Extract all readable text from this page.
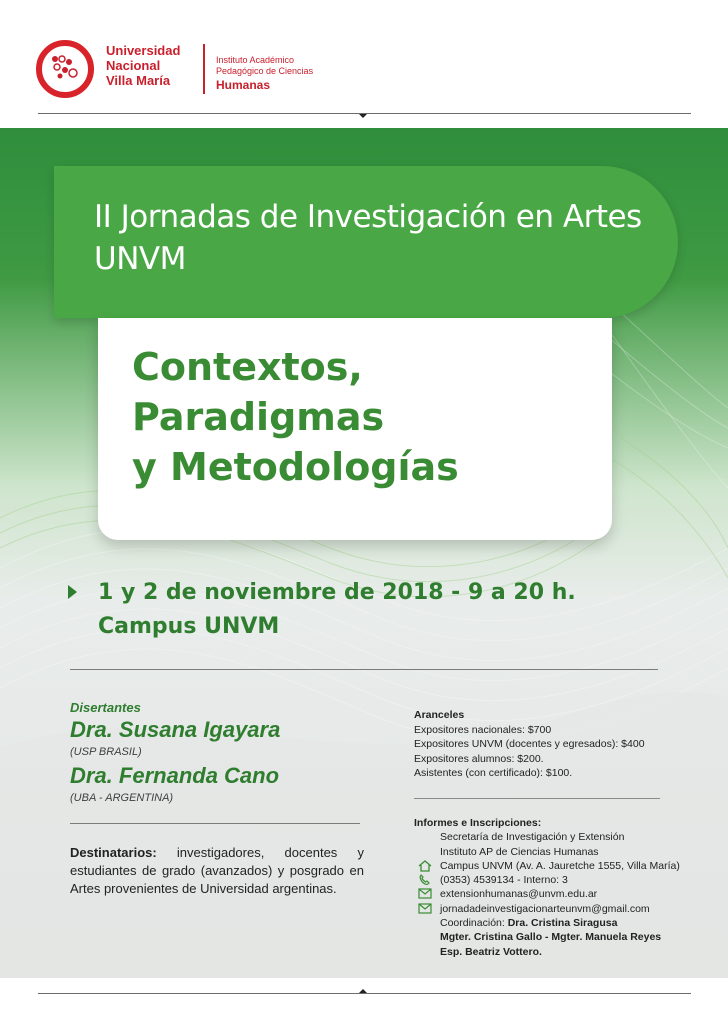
Universidad
Nacional
Villa María
Instituto Académico
Pedagógico de Ciencias
Humanas
II Jornadas de Investigación en Artes UNVM
Contextos,
Paradigmas
y Metodologías
1 y 2 de noviembre de 2018 - 9 a 20 h.
Campus UNVM
Disertantes
Dra. Susana Igayara
(USP BRASIL)
Dra. Fernanda Cano
(UBA - ARGENTINA)
Destinatarios: investigadores, docentes y estudiantes de grado (avanzados) y posgrado en Artes provenientes de Universidad argentinas.
Aranceles
Expositores nacionales: $700
Expositores UNVM (docentes y egresados): $400
Expositores alumnos: $200.
Asistentes (con certificado): $100.
Informes e Inscripciones:
Secretaría de Investigación y Extensión
Instituto AP de Ciencias Humanas
Campus UNVM (Av. A. Jauretche 1555, Villa María)
(0353) 4539134 - Interno: 3
extensionhumanas@unvm.edu.ar
jornadadeinvestigacionarteunvm@gmail.com
Coordinación: Dra. Cristina Siragusa
Mgter. Cristina Gallo - Mgter. Manuela Reyes
Esp. Beatriz Vottero.
